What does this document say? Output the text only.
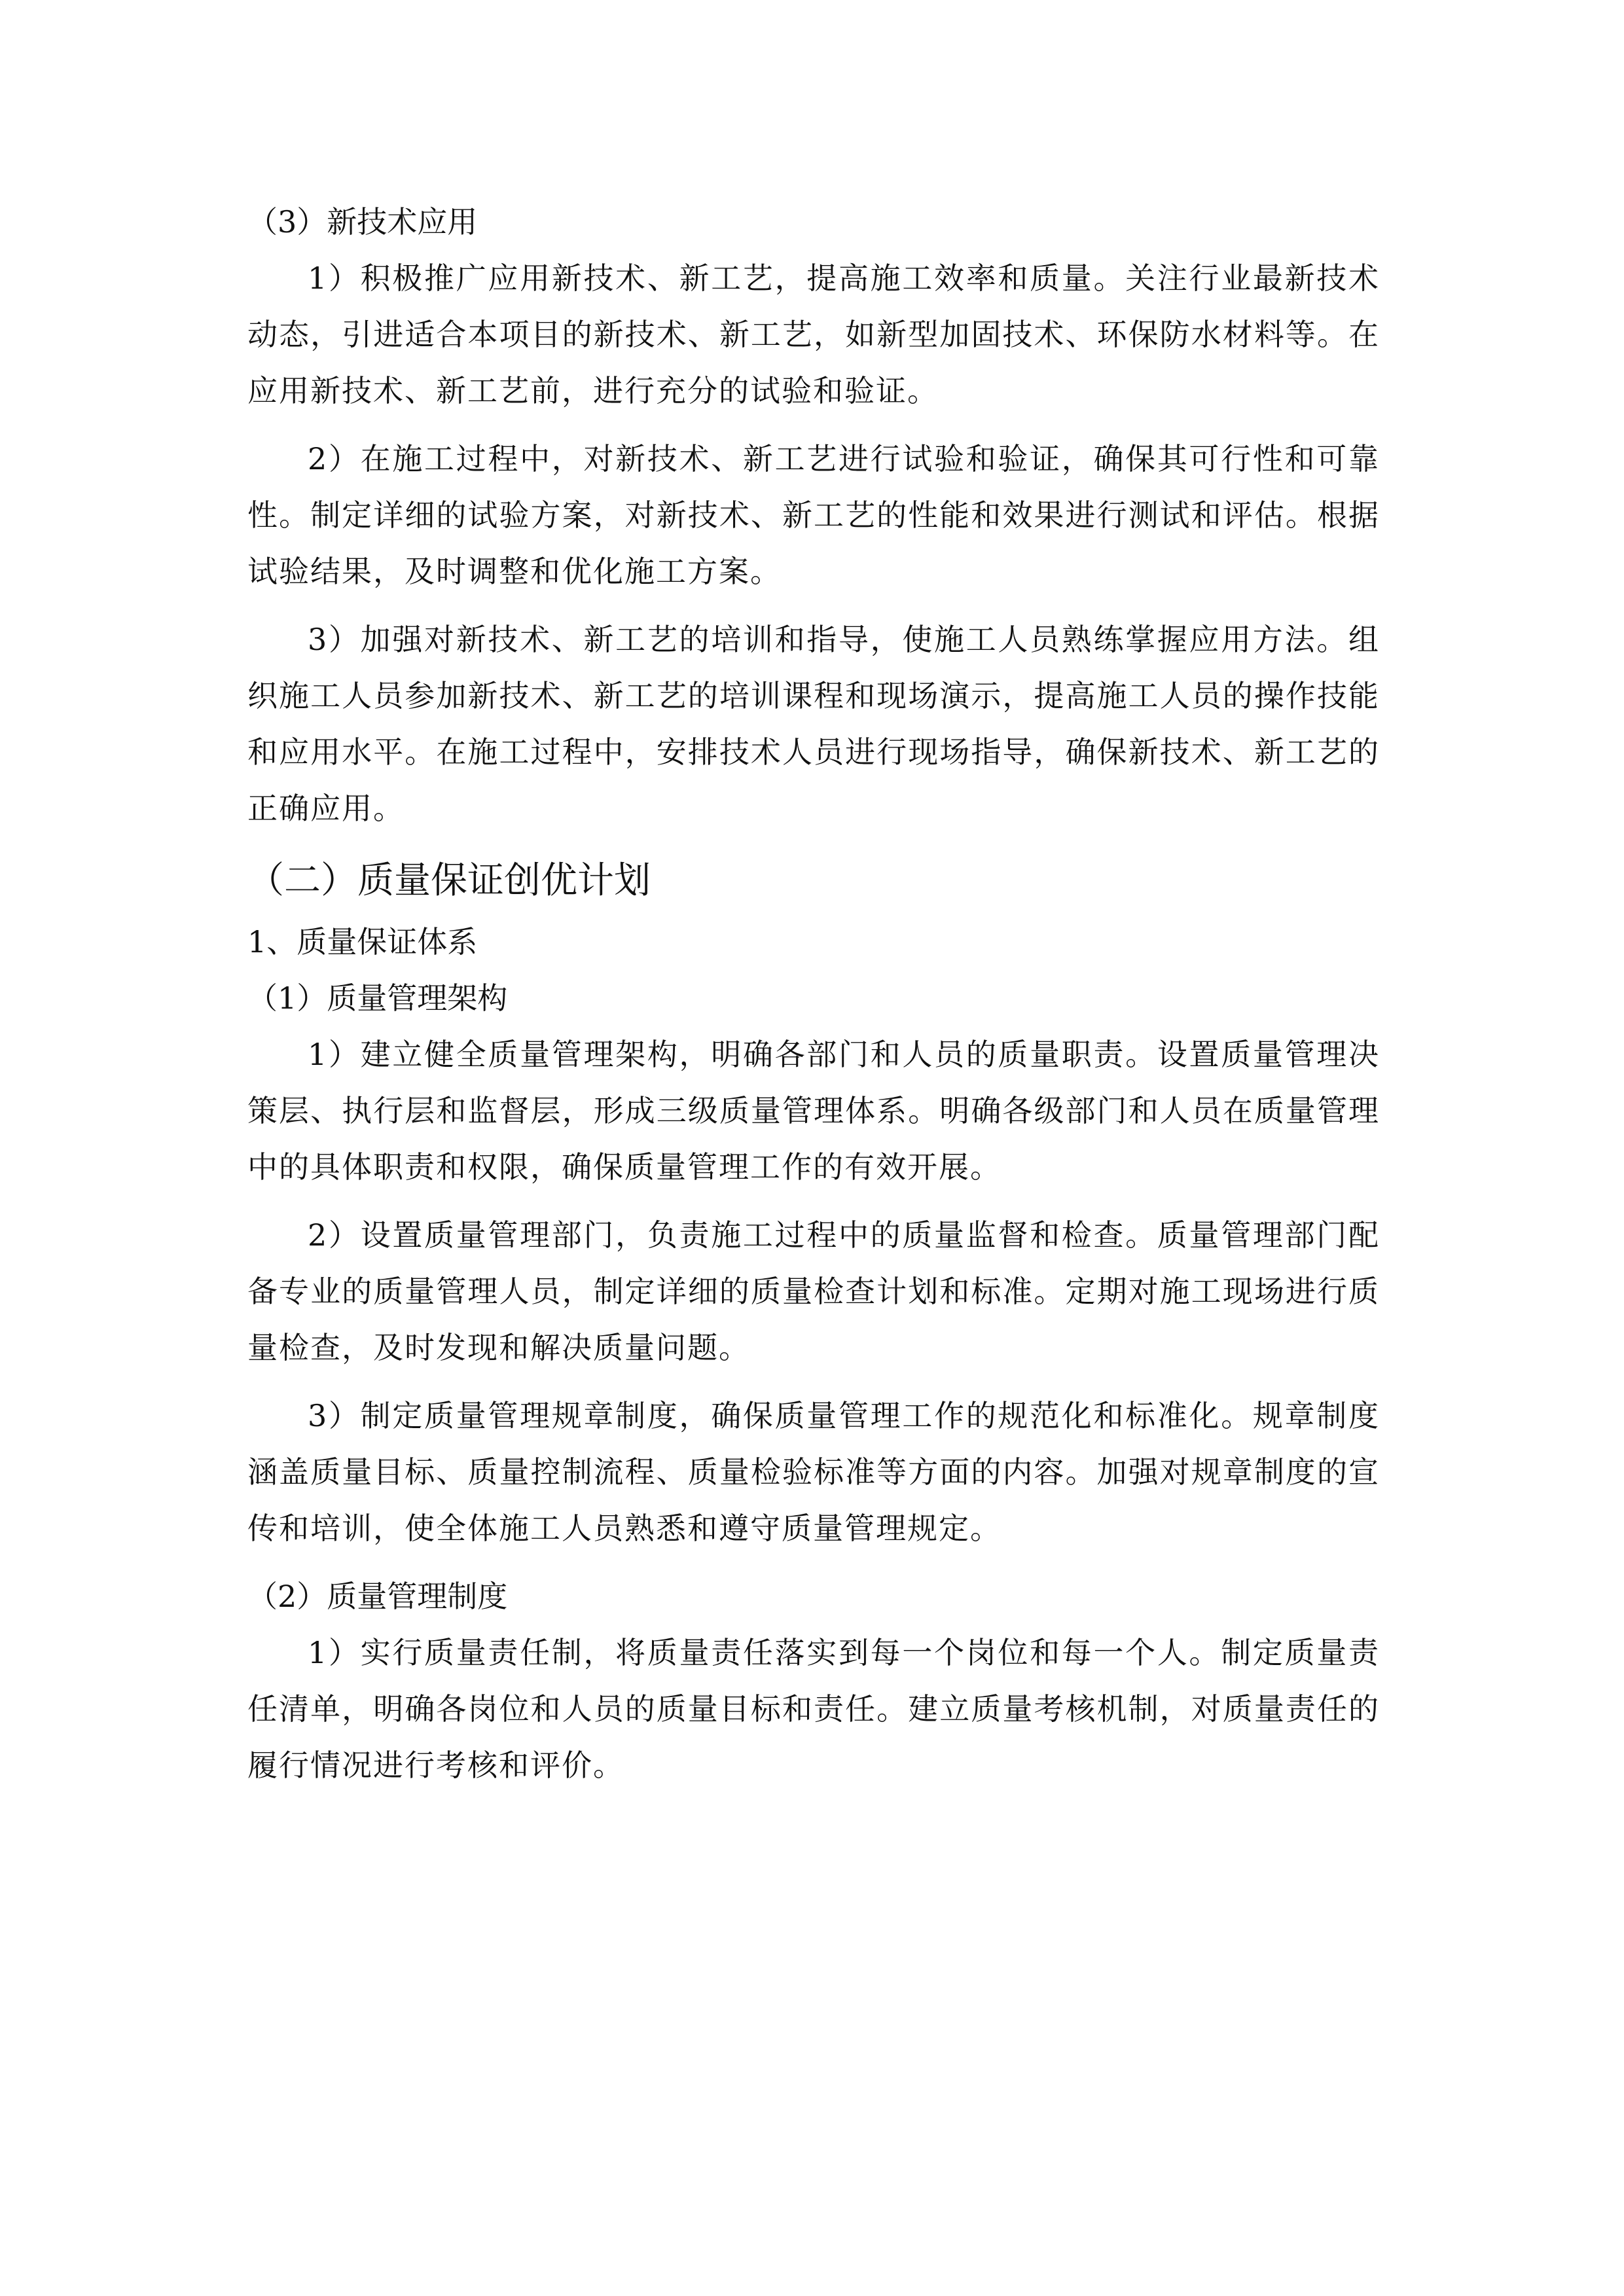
（3）新技术应用
1）积极推广应用新技术、新工艺，提高施工效率和质量。关注行业最新技术动态，引进适合本项目的新技术、新工艺，如新型加固技术、环保防水材料等。在应用新技术、新工艺前，进行充分的试验和验证。
2）在施工过程中，对新技术、新工艺进行试验和验证，确保其可行性和可靠性。制定详细的试验方案，对新技术、新工艺的性能和效果进行测试和评估。根据试验结果，及时调整和优化施工方案。
3）加强对新技术、新工艺的培训和指导，使施工人员熟练掌握应用方法。组织施工人员参加新技术、新工艺的培训课程和现场演示，提高施工人员的操作技能和应用水平。在施工过程中，安排技术人员进行现场指导，确保新技术、新工艺的正确应用。
（二）质量保证创优计划
1、质量保证体系
（1）质量管理架构
1）建立健全质量管理架构，明确各部门和人员的质量职责。设置质量管理决策层、执行层和监督层，形成三级质量管理体系。明确各级部门和人员在质量管理中的具体职责和权限，确保质量管理工作的有效开展。
2）设置质量管理部门，负责施工过程中的质量监督和检查。质量管理部门配备专业的质量管理人员，制定详细的质量检查计划和标准。定期对施工现场进行质量检查，及时发现和解决质量问题。
3）制定质量管理规章制度，确保质量管理工作的规范化和标准化。规章制度涵盖质量目标、质量控制流程、质量检验标准等方面的内容。加强对规章制度的宣传和培训，使全体施工人员熟悉和遵守质量管理规定。
（2）质量管理制度
1）实行质量责任制，将质量责任落实到每一个岗位和每一个人。制定质量责任清单，明确各岗位和人员的质量目标和责任。建立质量考核机制，对质量责任的履行情况进行考核和评价。
